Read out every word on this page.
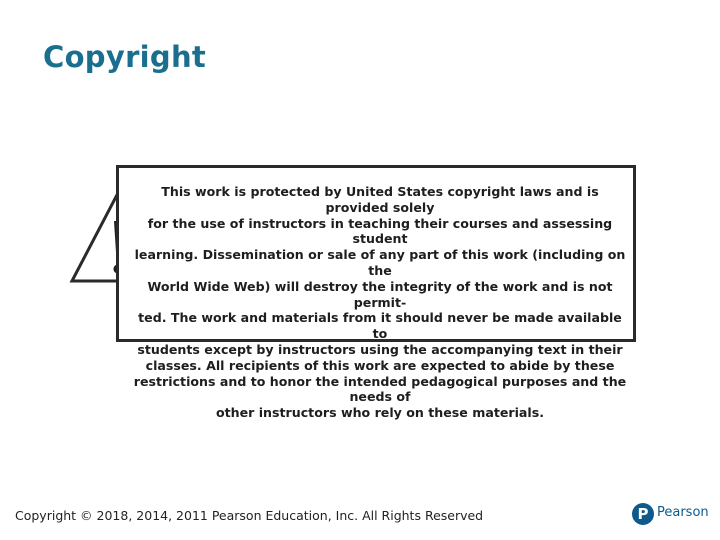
Copyright
This work is protected by United States copyright laws and is provided solely
for the use of instructors in teaching their courses and assessing student
learning. Dissemination or sale of any part of this work (including on the
World Wide Web) will destroy the integrity of the work and is not permit-
ted. The work and materials from it should never be made available to
students except by instructors using the accompanying text in their
classes. All recipients of this work are expected to abide by these
restrictions and to honor the intended pedagogical purposes and the needs of
other instructors who rely on these materials.
Copyright © 2018, 2014, 2011 Pearson Education, Inc. All Rights Reserved	P Pearson
